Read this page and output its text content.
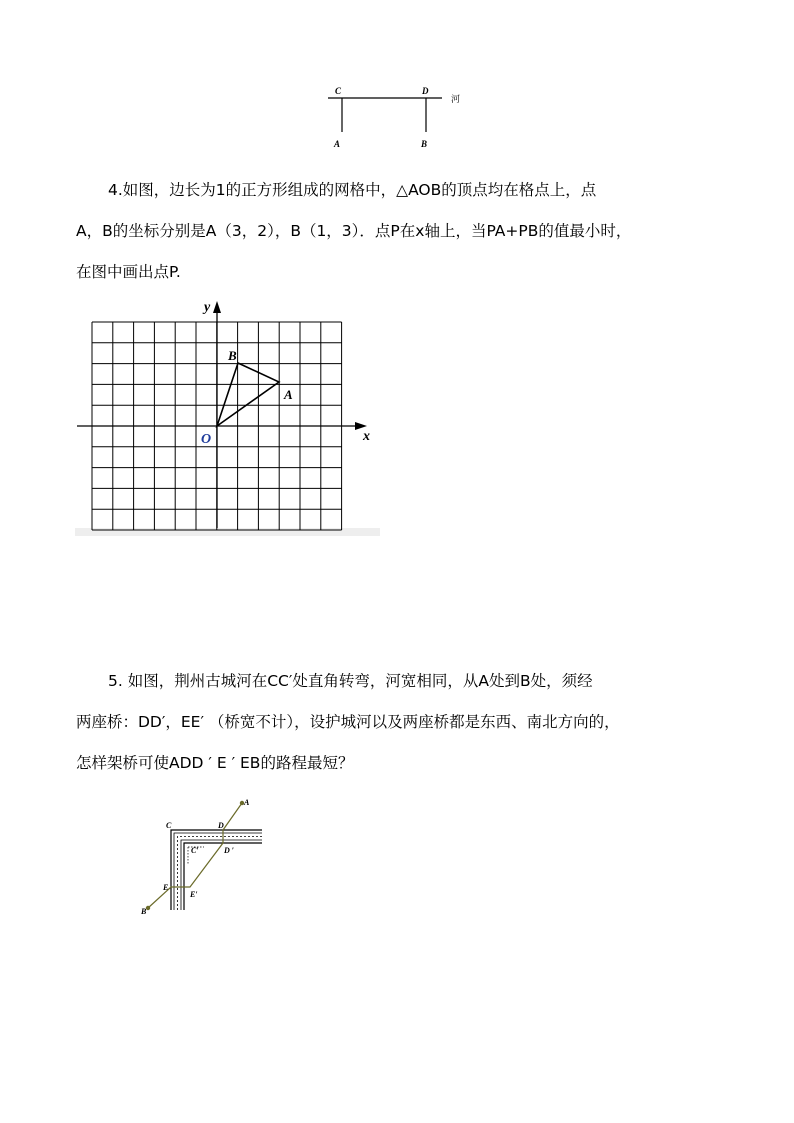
C	D
A	B
河
4.如图，边长为1的正方形组成的网格中，△AOB的顶点均在格点上，点
A，B的坐标分别是A（3，2），B（1，3）．点P在x轴上，当PA+PB的值最小时，
在图中画出点P.
y
x
O
B
A
5. 如图，荆州古城河在CC′处直角转弯，河宽相同，从A处到B处，须经
两座桥：DD′，EE′ （桥宽不计），设护城河以及两座桥都是东西、南北方向的，
怎样架桥可使ADD ′ E ′ EB的路程最短？
A
C	D
C′	D ′
E
E′
B
